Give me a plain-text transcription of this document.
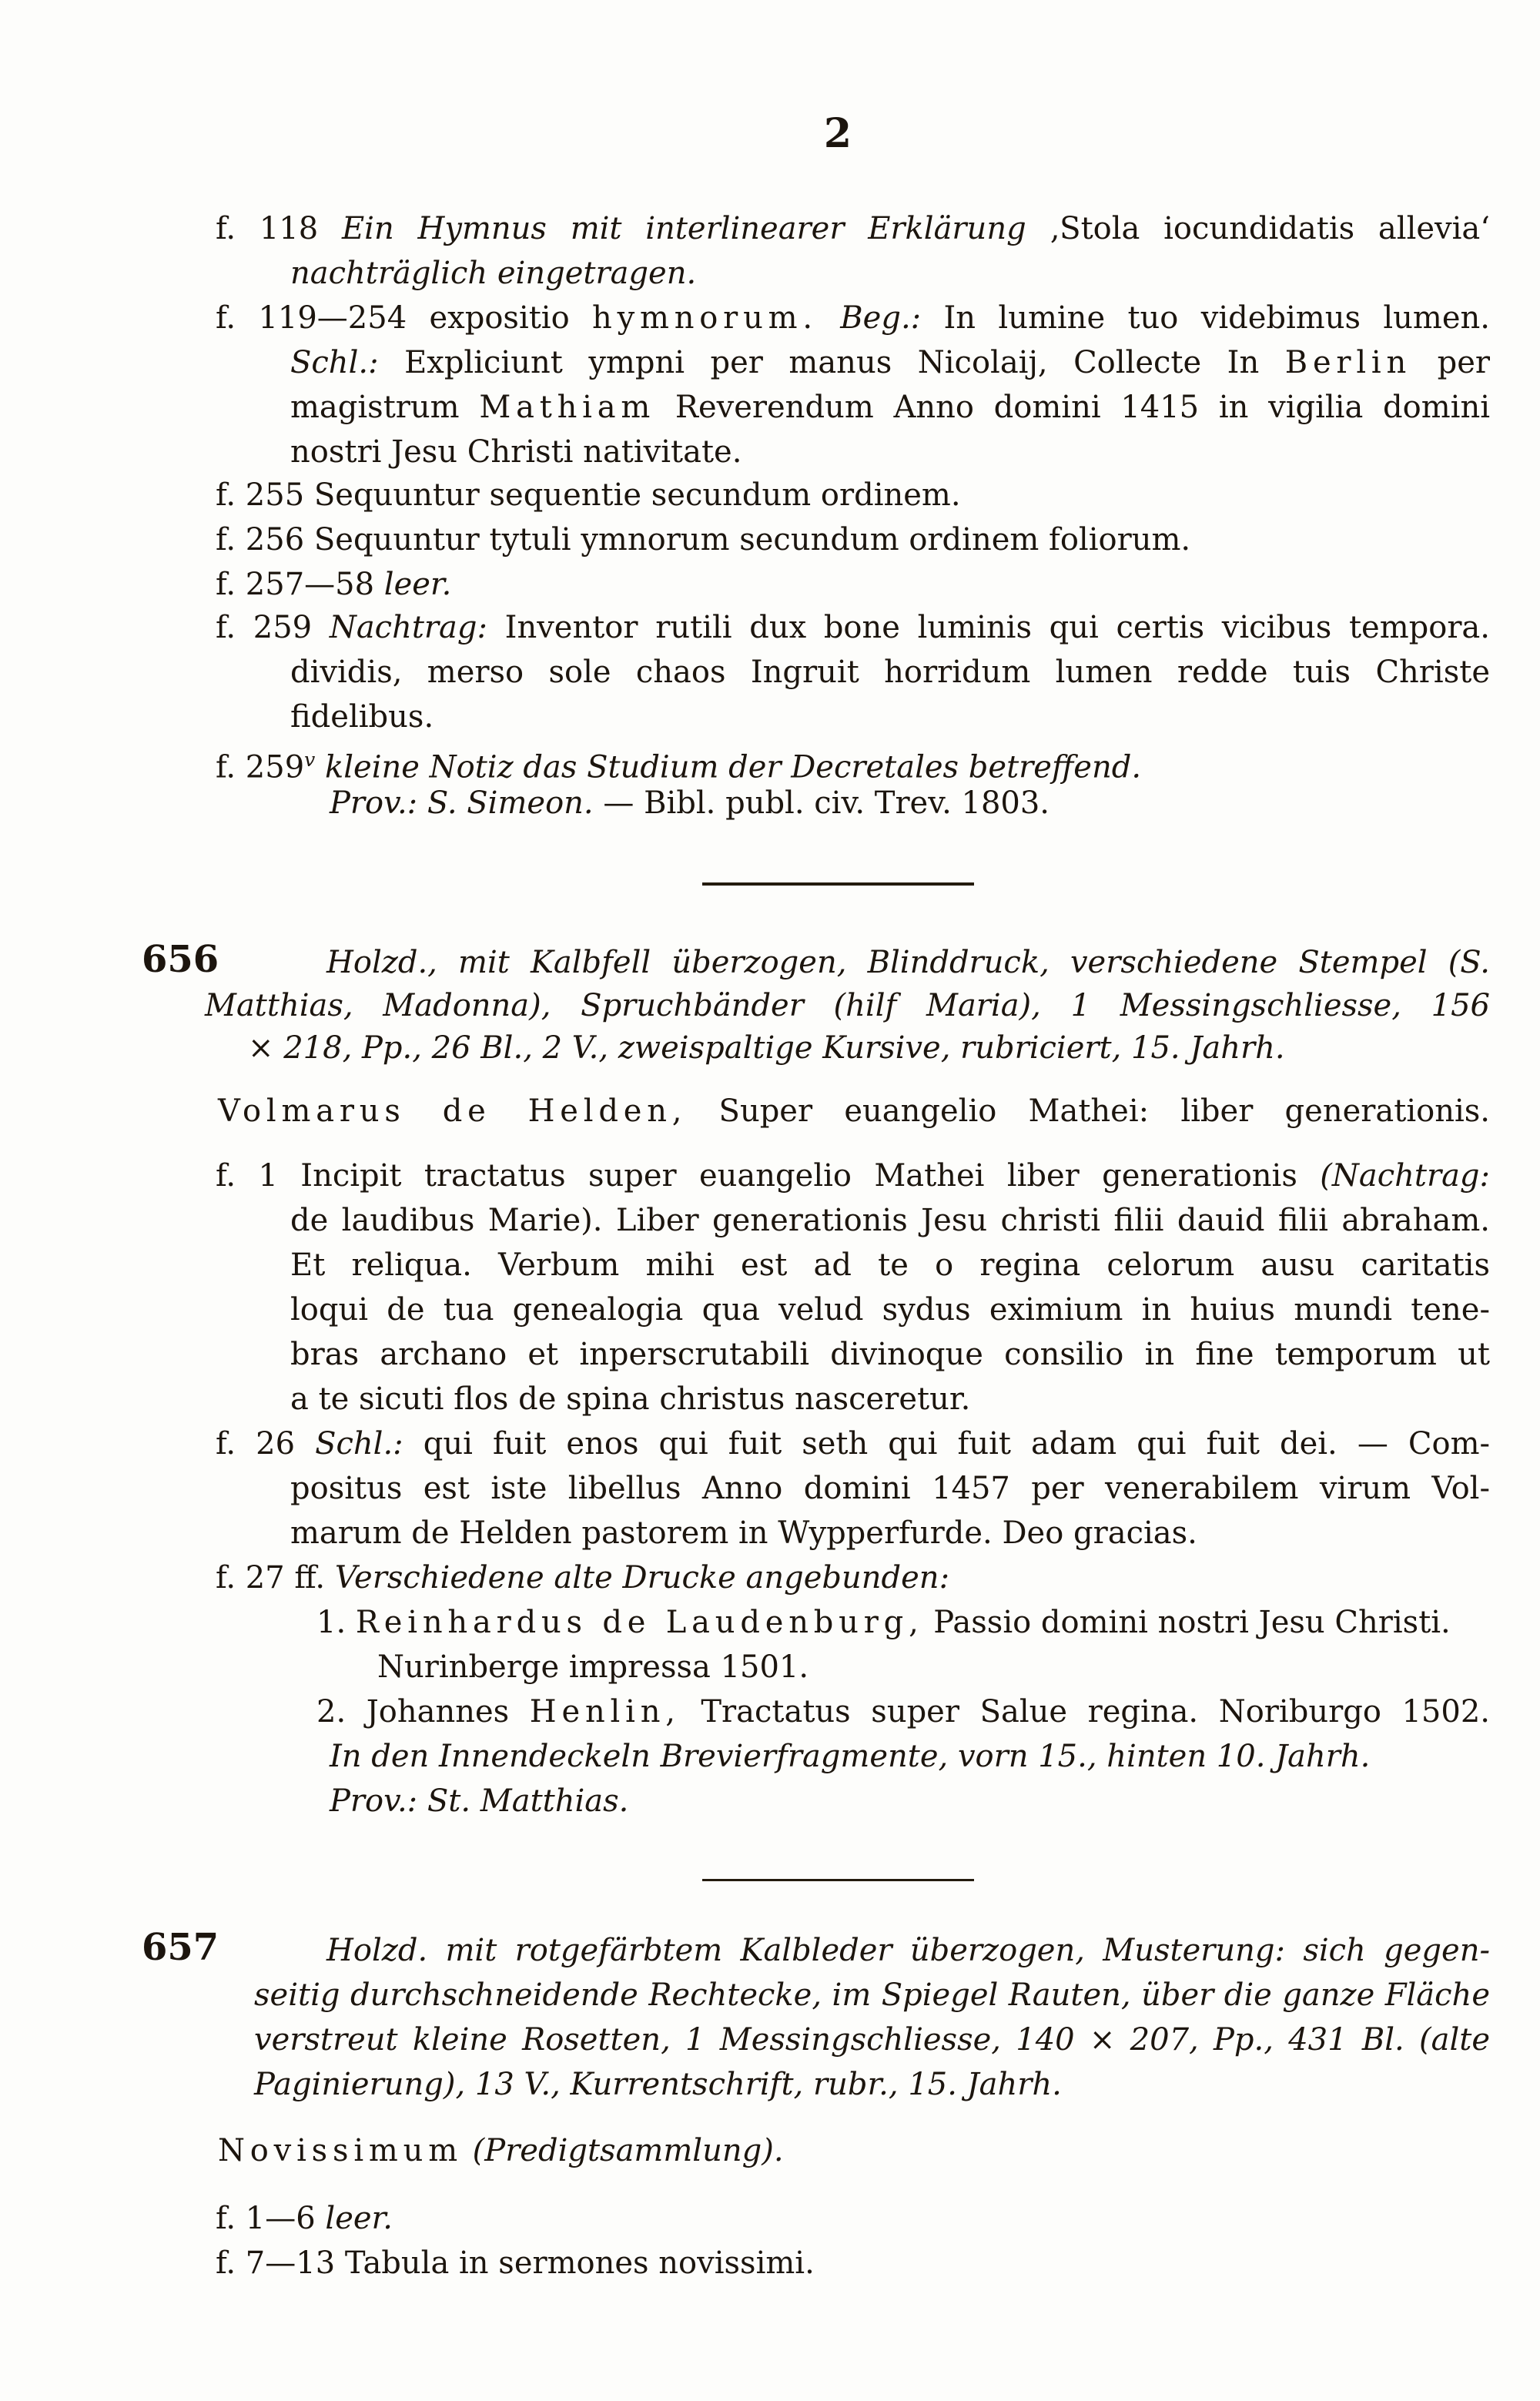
2
f. 118 Ein Hymnus mit interlinearer Erklärung ‚Stola iocundidatis allevia‘
nachträglich eingetragen.
f. 119—254 expositio hymnorum. Beg.: In lumine tuo videbimus lumen.
Schl.: Expliciunt ympni per manus Nicolaij, Collecte In Berlin per
magistrum Mathiam Reverendum Anno domini 1415 in vigilia domini
nostri Jesu Christi nativitate.
f. 255 Sequuntur sequentie secundum ordinem.
f. 256 Sequuntur tytuli ymnorum secundum ordinem foliorum.
f. 257—58 leer.
f. 259 Nachtrag: Inventor rutili dux bone luminis qui certis vicibus tempora.
dividis, merso sole chaos Ingruit horridum lumen redde tuis Christe
fidelibus.
f. 259$^v$ kleine Notiz das Studium der Decretales betreffend.
Prov.: S. Simeon. — Bibl. publ. civ. Trev. 1803.
656	Holzd., mit Kalbfell überzogen, Blinddruck, verschiedene Stempel (S.
Matthias, Madonna), Spruchbänder (hilf Maria), 1 Messingschliesse, 156
× 218, Pp., 26 Bl., 2 V., zweispaltige Kursive, rubriciert, 15. Jahrh.
Volmarus de Helden, Super euangelio Mathei: liber generationis.
f. 1 Incipit tractatus super euangelio Mathei liber generationis (Nachtrag:
de laudibus Marie). Liber generationis Jesu christi filii dauid filii abraham.
Et reliqua. Verbum mihi est ad te o regina celorum ausu caritatis
loqui de tua genealogia qua velud sydus eximium in huius mundi tene-
bras archano et inperscrutabili divinoque consilio in fine temporum ut
a te sicuti flos de spina christus nasceretur.
f. 26 Schl.: qui fuit enos qui fuit seth qui fuit adam qui fuit dei. — Com-
positus est iste libellus Anno domini 1457 per venerabilem virum Vol-
marum de Helden pastorem in Wypperfurde. Deo gracias.
f. 27 ff. Verschiedene alte Drucke angebunden:
1. Reinhardus de Laudenburg, Passio domini nostri Jesu Christi.
Nurinberge impressa 1501.
2. Johannes Henlin, Tractatus super Salue regina. Noriburgo 1502.
In den Innendeckeln Brevierfragmente, vorn 15., hinten 10. Jahrh.
Prov.: St. Matthias.
657	Holzd. mit rotgefärbtem Kalbleder überzogen, Musterung: sich gegen-
seitig durchschneidende Rechtecke, im Spiegel Rauten, über die ganze Fläche
verstreut kleine Rosetten, 1 Messingschliesse, 140 × 207, Pp., 431 Bl. (alte
Paginierung), 13 V., Kurrentschrift, rubr., 15. Jahrh.
Novissimum (Predigtsammlung).
f. 1—6 leer.
f. 7—13 Tabula in sermones novissimi.
